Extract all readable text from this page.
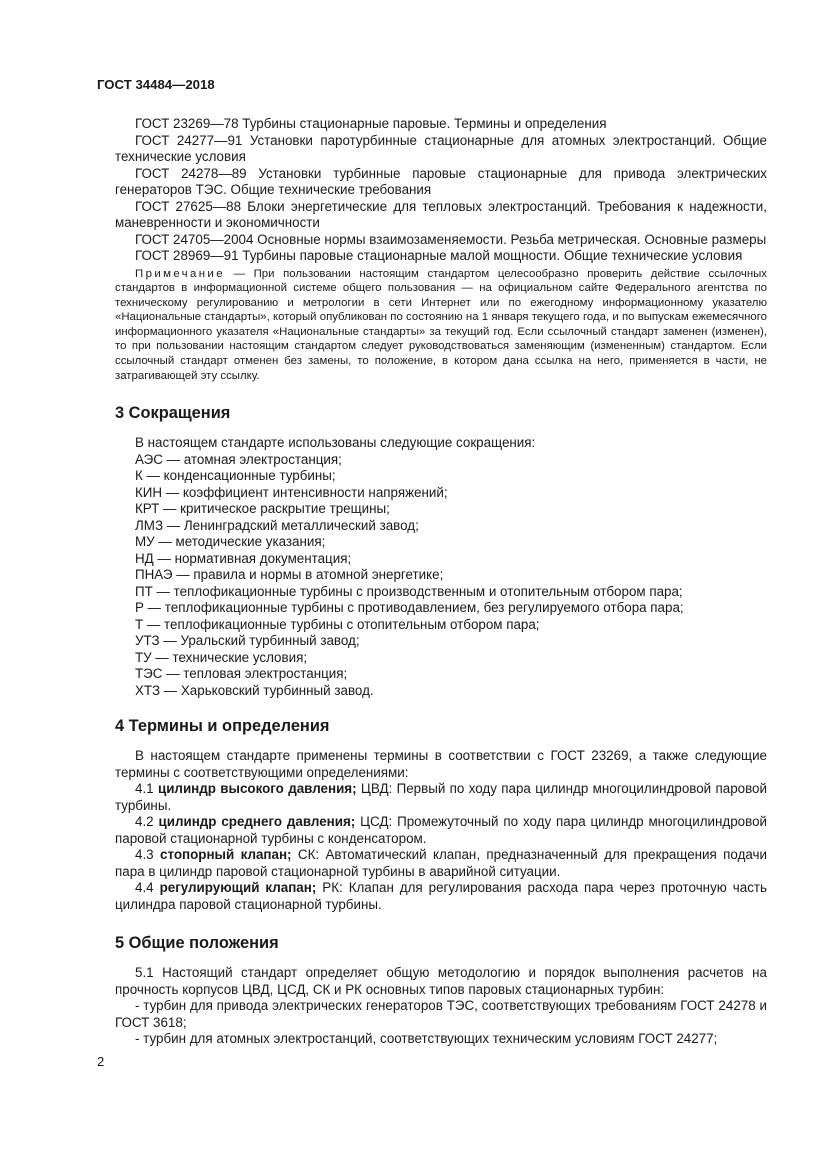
ГОСТ 34484—2018

ГОСТ 23269—78 Турбины стационарные паровые. Термины и определения

ГОСТ 24277—91 Установки паротурбинные стационарные для атомных электростанций. Общие технические условия

ГОСТ 24278—89 Установки турбинные паровые стационарные для привода электрических генераторов ТЭС. Общие технические требования

ГОСТ 27625—88 Блоки энергетические для тепловых электростанций. Требования к надежности, маневренности и экономичности

ГОСТ 24705—2004 Основные нормы взаимозаменяемости. Резьба метрическая. Основные размеры

ГОСТ 28969—91 Турбины паровые стационарные малой мощности. Общие технические условия

Примечание — При пользовании настоящим стандартом целесообразно проверить действие ссылочных стандартов в информационной системе общего пользования — на официальном сайте Федерального агентства по техническому регулированию и метрологии в сети Интернет или по ежегодному информационному указателю «Национальные стандарты», который опубликован по состоянию на 1 января текущего года, и по выпускам ежемесячного информационного указателя «Национальные стандарты» за текущий год. Если ссылочный стандарт заменен (изменен), то при пользовании настоящим стандартом следует руководствоваться заменяющим (измененным) стандартом. Если ссылочный стандарт отменен без замены, то положение, в котором дана ссылка на него, применяется в части, не затрагивающей эту ссылку.

3 Сокращения

В настоящем стандарте использованы следующие сокращения:

АЭС — атомная электростанция;
К — конденсационные турбины;
КИН — коэффициент интенсивности напряжений;
КРТ — критическое раскрытие трещины;
ЛМЗ — Ленинградский металлический завод;
МУ — методические указания;
НД — нормативная документация;
ПНАЭ — правила и нормы в атомной энергетике;
ПТ — теплофикационные турбины с производственным и отопительным отбором пара;
Р — теплофикационные турбины с противодавлением, без регулируемого отбора пара;
Т — теплофикационные турбины с отопительным отбором пара;
УТЗ — Уральский турбинный завод;
ТУ — технические условия;
ТЭС — тепловая электростанция;
ХТЗ — Харьковский турбинный завод.
4 Термины и определения

В настоящем стандарте применены термины в соответствии с ГОСТ 23269, а также следующие термины с соответствующими определениями:

4.1 цилиндр высокого давления; ЦВД: Первый по ходу пара цилиндр многоцилиндровой паровой турбины.

4.2 цилиндр среднего давления; ЦСД: Промежуточный по ходу пара цилиндр многоцилиндровой паровой стационарной турбины с конденсатором.

4.3 стопорный клапан; СК: Автоматический клапан, предназначенный для прекращения подачи пара в цилиндр паровой стационарной турбины в аварийной ситуации.

4.4 регулирующий клапан; РК: Клапан для регулирования расхода пара через проточную часть цилиндра паровой стационарной турбины.

5 Общие положения

5.1 Настоящий стандарт определяет общую методологию и порядок выполнения расчетов на прочность корпусов ЦВД, ЦСД, СК и РК основных типов паровых стационарных турбин:

- турбин для привода электрических генераторов ТЭС, соответствующих требованиям ГОСТ 24278 и ГОСТ 3618;

- турбин для атомных электростанций, соответствующих техническим условиям ГОСТ 24277;

2
